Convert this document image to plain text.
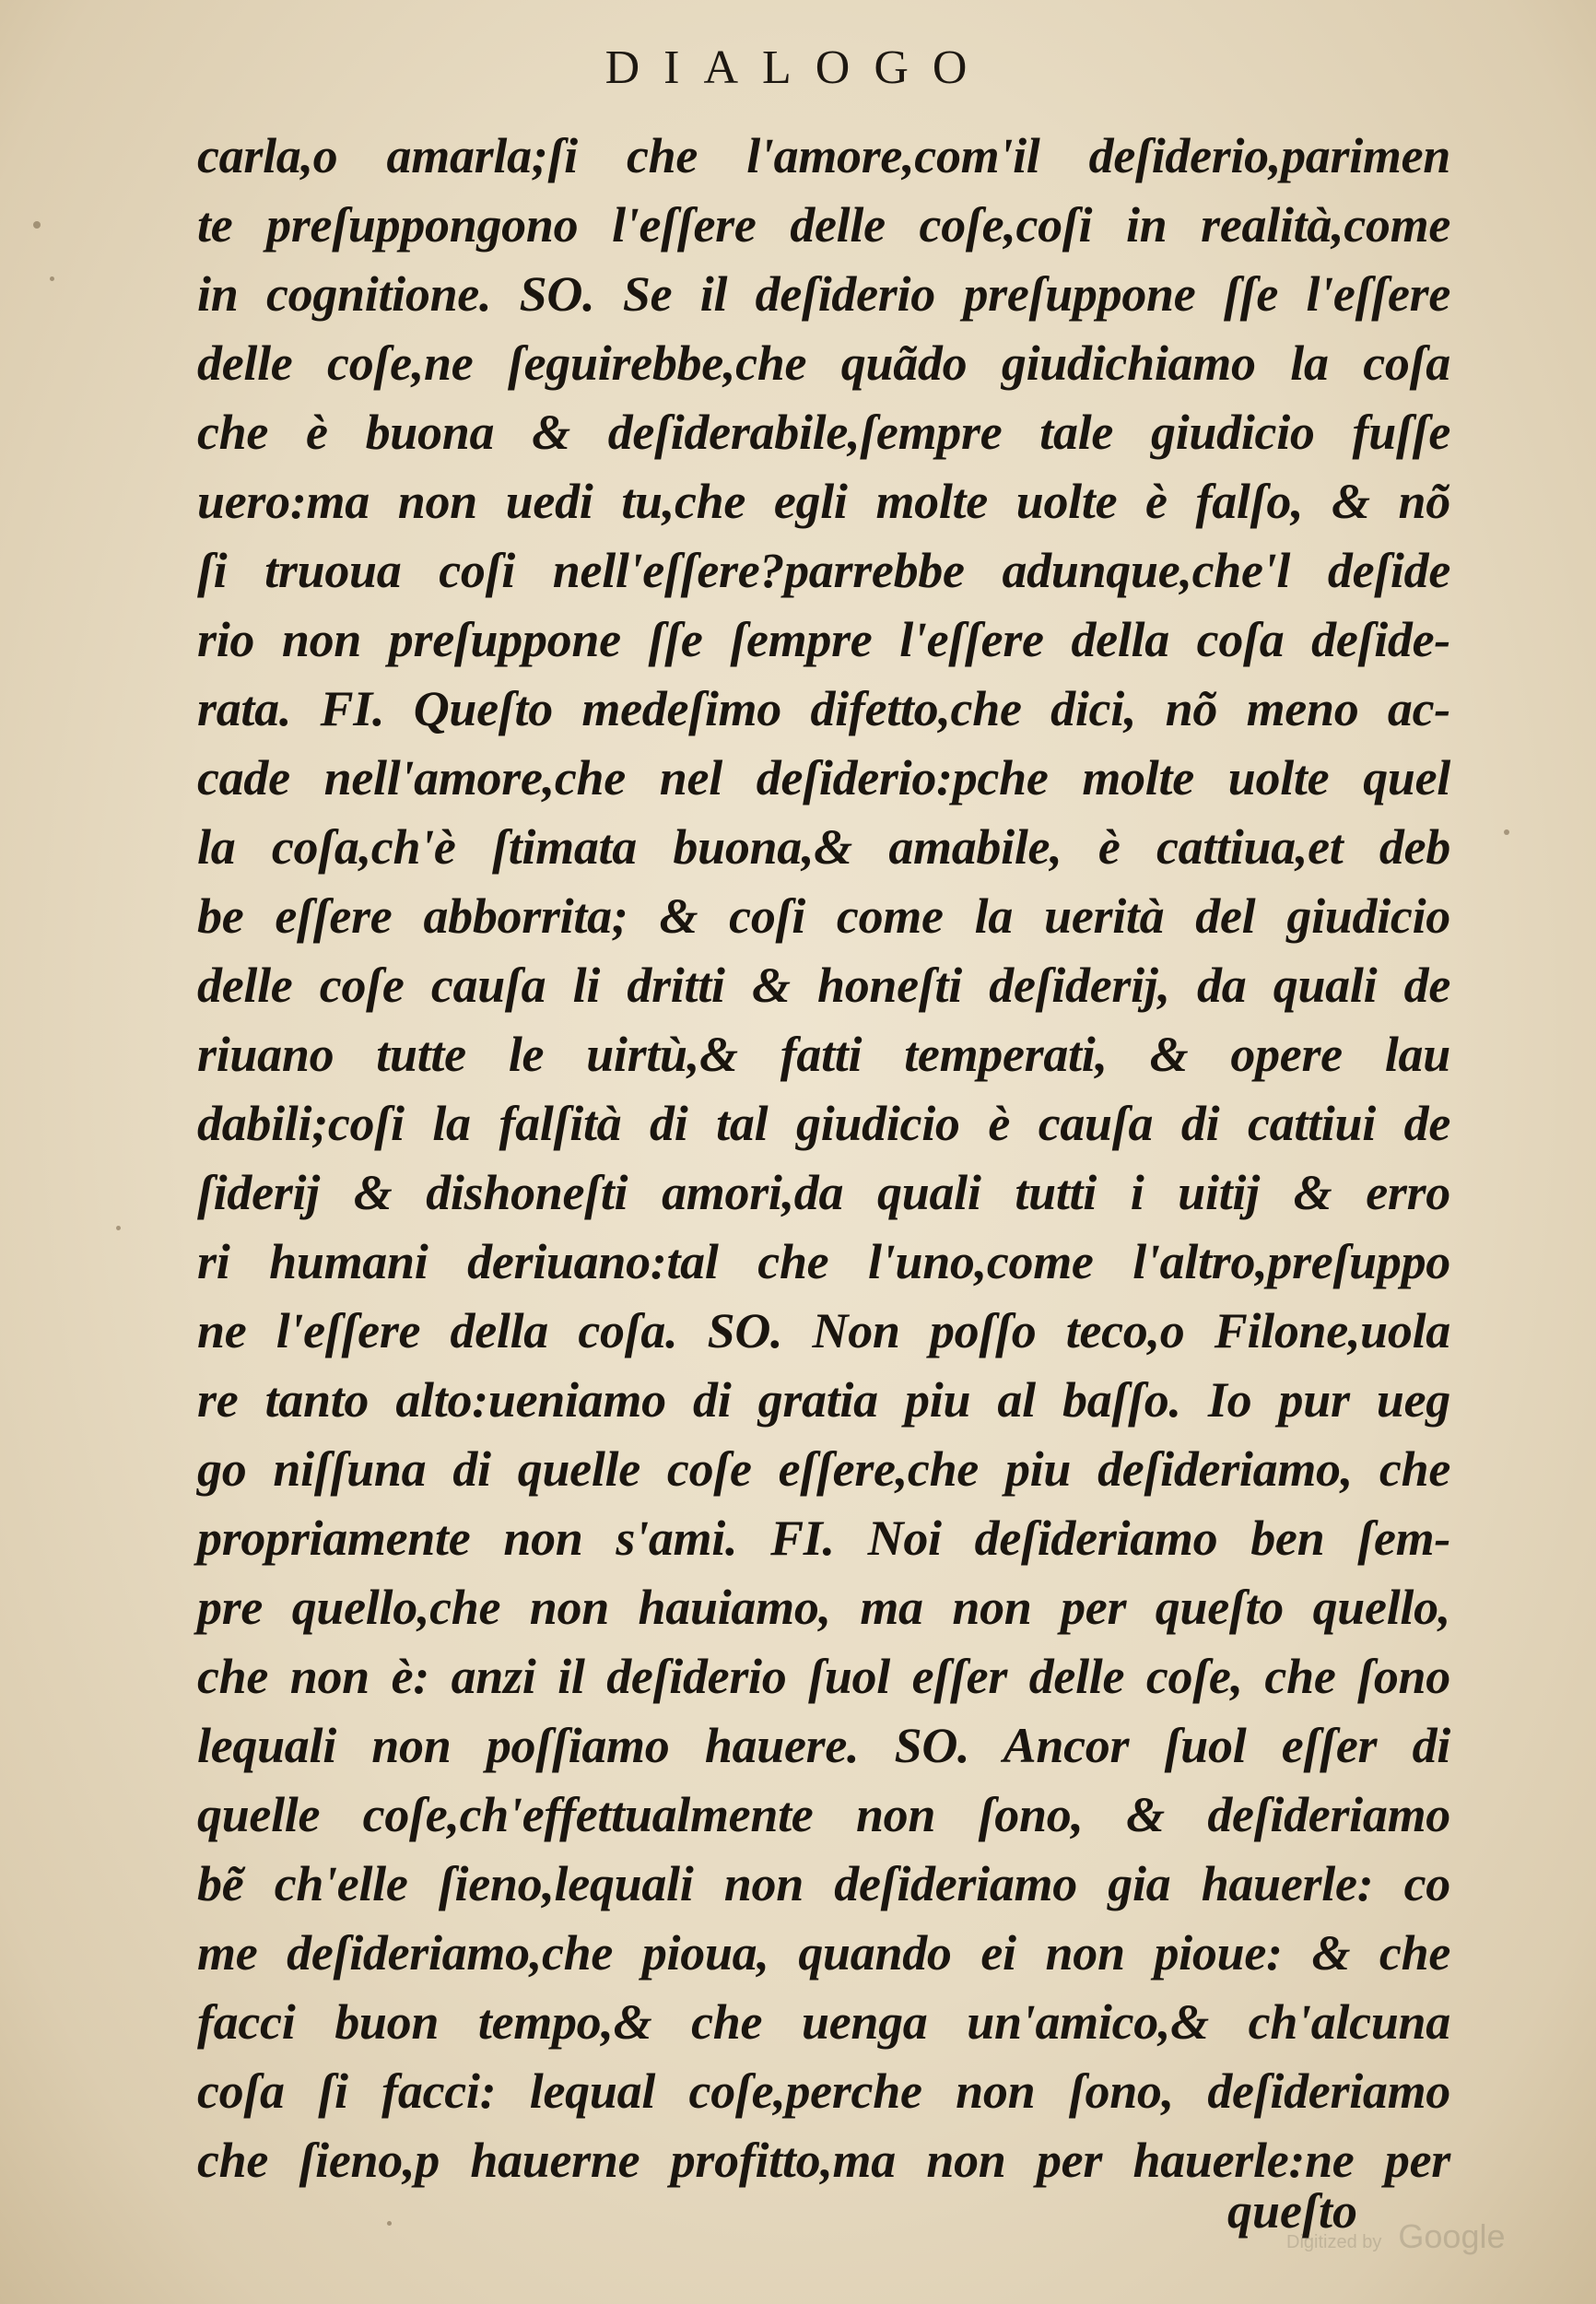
DIALOGO
carla,o amarla;ſi che l'amore,com'il deſiderio,parimen
te preſuppongono l'eſſere delle coſe,coſi in realità,come
in cognitione. SO. Se il deſiderio preſuppone ſſe l'eſſere
delle coſe,ne ſeguirebbe,che quãdo giudichiamo la coſa
che è buona & deſiderabile,ſempre tale giudicio fuſſe
uero:ma non uedi tu,che egli molte uolte è falſo, & nõ
ſi truoua coſi nell'eſſere?parrebbe adunque,che'l deſide
rio non preſuppone ſſe ſempre l'eſſere della coſa deſide-
rata. FI. Queſto medeſimo difetto,che dici, nõ meno ac-
cade nell'amore,che nel deſiderio:pche molte uolte quel
la coſa,ch'è ſtimata buona,& amabile, è cattiua,et deb
be eſſere abborrita; & coſi come la uerità del giudicio
delle coſe cauſa li dritti & honeſti deſiderij, da quali de
riuano tutte le uirtù,& fatti temperati, & opere lau
dabili;coſi la falſità di tal giudicio è cauſa di cattiui de
ſiderij & dishoneſti amori,da quali tutti i uitij & erro
ri humani deriuano:tal che l'uno,come l'altro,preſuppo
ne l'eſſere della coſa. SO. Non poſſo teco,o Filone,uola
re tanto alto:ueniamo di gratia piu al baſſo. Io pur ueg
go niſſuna di quelle coſe eſſere,che piu deſideriamo, che
propriamente non s'ami. FI. Noi deſideriamo ben ſem-
pre quello,che non hauiamo, ma non per queſto quello,
che non è: anzi il deſiderio ſuol eſſer delle coſe, che ſono
lequali non poſſiamo hauere. SO. Ancor ſuol eſſer di
quelle coſe,ch'effettualmente non ſono, & deſideriamo
bẽ ch'elle ſieno,lequali non deſideriamo gia hauerle: co
me deſideriamo,che pioua, quando ei non pioue: & che
facci buon tempo,& che uenga un'amico,& ch'alcuna
coſa ſi facci: lequal coſe,perche non ſono, deſideriamo
che ſieno,p hauerne profitto,ma non per hauerle:ne per
queſto
Digitized by Google
